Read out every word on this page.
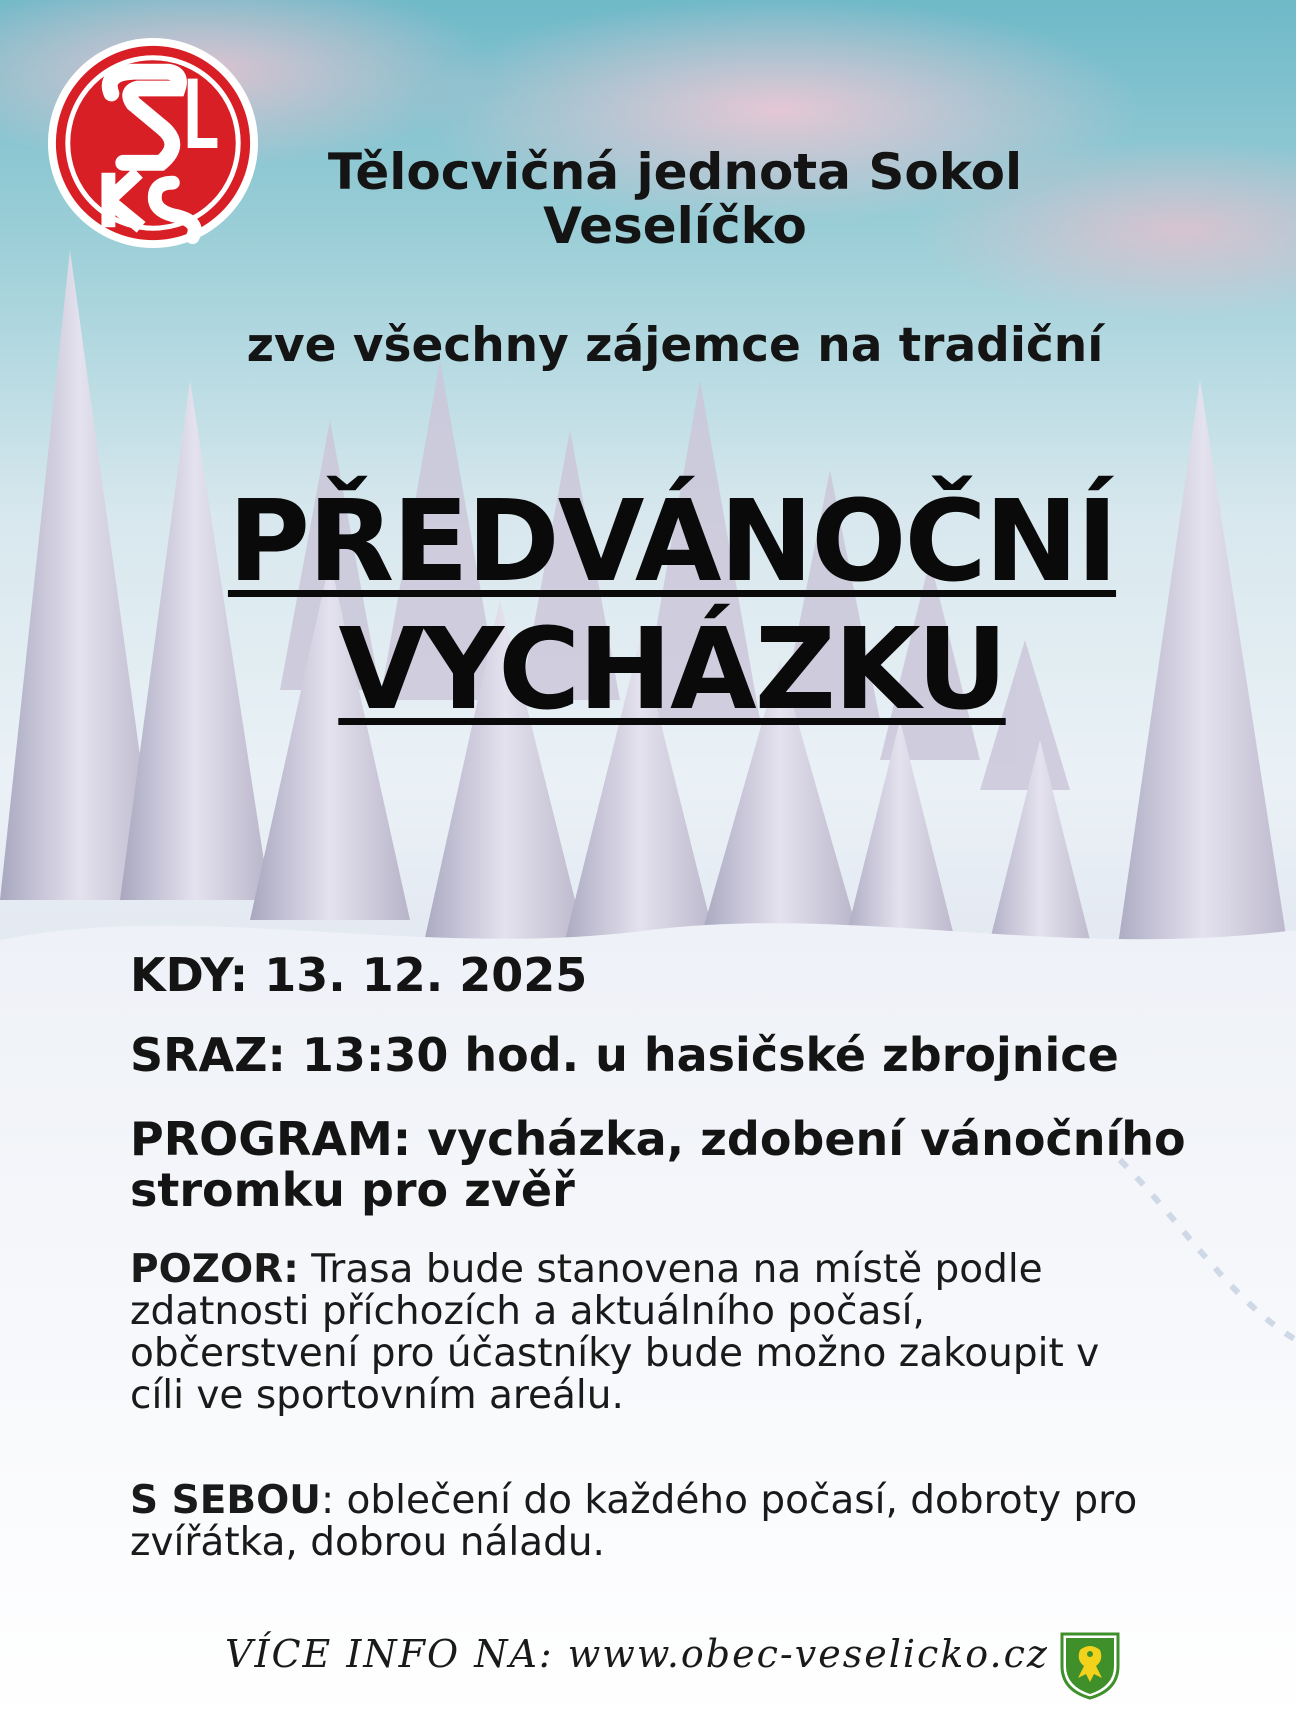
Tělocvičná jednota Sokol
Veselíčko
zve všechny zájemce na tradiční
PŘEDVÁNOČNÍ
VYCHÁZKU
KDY: 13. 12. 2025
SRAZ: 13:30 hod. u hasičské zbrojnice
PROGRAM: vycházka, zdobení vánočního
stromku pro zvěř
POZOR: Trasa bude stanovena na místě podle
zdatnosti příchozích a aktuálního počasí,
občerstvení pro účastníky bude možno zakoupit v
cíli ve sportovním areálu.
S SEBOU: oblečení do každého počasí, dobroty pro
zvířátka, dobrou náladu.
VÍCE INFO NA: www.obec-veselicko.cz
